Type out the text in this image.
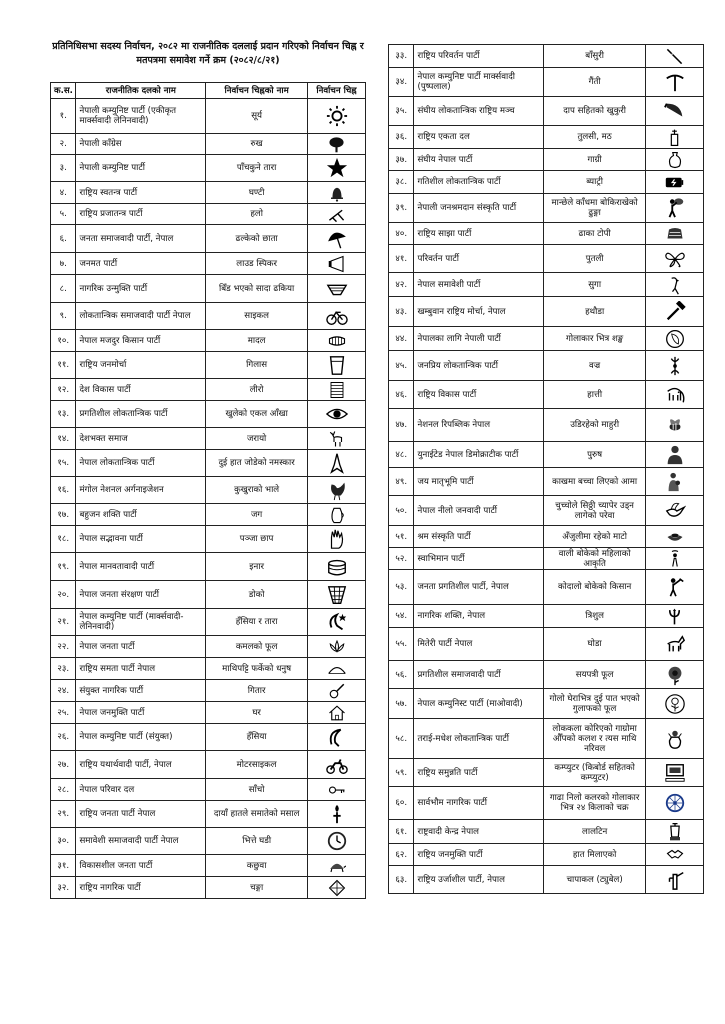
प्रतिनिधिसभा सदस्य निर्वाचन, २०८२ मा राजनीतिक दललाई प्रदान गरिएको निर्वाचन चिह्न र मतपत्रमा समावेश गर्ने क्रम (२०८२/८/२१)
क.स.	राजनीतिक दलको नाम	निर्वाचन चिह्नको नाम	निर्वाचन चिह्न
१.	नेपाली कम्युनिष्ट पार्टी (एकीकृत मार्क्सवादी लेनिनवादी)	सूर्य	

२.	नेपाली काँग्रेस	रुख	

३.	नेपाली कम्युनिष्ट पार्टी	पाँचकुने तारा	

४.	राष्ट्रिय स्वतन्त्र पार्टी	घण्टी	

५.	राष्ट्रिय प्रजातन्त्र पार्टी	हलो	

६.	जनता समाजवादी पार्टी, नेपाल	ढल्केको छाता	

७.	जनमत पार्टी	लाउड स्पिकर	

८.	नागरिक उन्मुक्ति पार्टी	बिँड भएको सादा ढकिया	

९.	लोकतान्त्रिक समाजवादी पार्टी नेपाल	साइकल	

१०.	नेपाल मजदुर किसान पार्टी	मादल	

११.	राष्ट्रिय जनमोर्चा	गिलास	

१२.	देश विकास पार्टी	लीरो	

१३.	प्रगतिशील लोकतान्त्रिक पार्टी	खुलेको एकल आँखा	

१४.	देशभक्त समाज	जरायो	

१५.	नेपाल लोकतान्त्रिक पार्टी	दुई हात जोडेको नमस्कार	

१६.	मंगोल नेशनल अर्गनाइजेशन	कुखुराको भाले	

१७.	बहुजन शक्ति पार्टी	जग	

१८.	नेपाल सद्भावना पार्टी	पञ्जा छाप	

१९.	नेपाल मानवतावादी पार्टी	इनार	

२०.	नेपाल जनता संरक्षण पार्टी	डोको	

२१.	नेपाल कम्युनिष्ट पार्टी (मार्क्सवादी-लेनिनवादी)	हँसिया र तारा	

२२.	नेपाल जनता पार्टी	कमलको फूल	

२३.	राष्ट्रिय समता पार्टी नेपाल	माथिपट्टि फर्केको धनुष	

२४.	संयुक्त नागरिक पार्टी	गितार	

२५.	नेपाल जनमुक्ति पार्टी	घर	

२६.	नेपाल कम्युनिष्ट पार्टी (संयुक्त)	हँसिया	

२७.	राष्ट्रिय यथार्थवादी पार्टी, नेपाल	मोटरसाइकल	

२८.	नेपाल परिवार दल	साँचो	

२९.	राष्ट्रिय जनता पार्टी नेपाल	दायाँ हातले समातेको मसाल	

३०.	समावेशी समाजवादी पार्टी नेपाल	भित्ते घडी	

३१.	विकासशील जनता पार्टी	कछुवा	

३२.	राष्ट्रिय नागरिक पार्टी	चङ्गा	
३३.	राष्ट्रिय परिवर्तन पार्टी	बाँसुरी	

३४.	नेपाल कम्युनिष्ट पार्टी मार्क्सवादी (पुष्पलाल)	गैंती	

३५.	संघीय लोकतान्त्रिक राष्ट्रिय मञ्च	दाप सहितको खुकुरी	

३६.	राष्ट्रिय एकता दल	तुलसी, मठ	

३७.	संघीय नेपाल पार्टी	गाग्री	

३८.	गतिशील लोकतान्त्रिक पार्टी	ब्याट्री	

३९.	नेपाली जनश्रमदान संस्कृति पार्टी	मान्छेले काँधमा बोकिराखेको ढुङ्गा	

४०.	राष्ट्रिय साझा पार्टी	ढाका टोपी	

४१.	परिवर्तन पार्टी	पुतली	

४२.	नेपाल समावेशी पार्टी	सुगा	

४३.	खम्बुवान राष्ट्रिय मोर्चा, नेपाल	हथौडा	

४४.	नेपालका लागि नेपाली पार्टी	गोलाकार भित्र शङ्ख	

४५.	जनप्रिय लोकतान्त्रिक पार्टी	वज्र	

४६.	राष्ट्रिय विकास पार्टी	हात्ती	

४७.	नेशनल रिपब्लिक नेपाल	उडिरहेको माहुरी	

४८.	युनाईटेड नेपाल डिमोक्राटीक पार्टी	पुरुष	

४९.	जय मातृभूमि पार्टी	काखमा बच्चा लिएको आमा	

५०.	नेपाल नीलो जनवादी पार्टी	चुच्चोले सिठ्ठी च्यापेर उड्न लागेको परेवा	

५१.	श्रम संस्कृति पार्टी	अँजुलीमा रहेको माटो	

५२.	स्वाभिमान पार्टी	वाली बोकेको महिलाको आकृति	

५३.	जनता प्रगतिशील पार्टी, नेपाल	कोदालो बोकेको किसान	

५४.	नागरिक शक्ति, नेपाल	त्रिशुल	

५५.	मितेरी पार्टी नेपाल	घोडा	

५६.	प्रगतिशील समाजवादी पार्टी	सयपत्री फूल	

५७.	नेपाल कम्युनिस्ट पार्टी (माओवादी)	गोलो घेराभित्र दुई पात भएको गुलाफको फूल	

५८.	तराई-मधेश लोकतान्त्रिक पार्टी	लोककला कोरिएको गाग्रोमा औँपको कलश र त्यस माथि नरिवल	

५९.	राष्ट्रिय समुन्नति पार्टी	कम्प्युटर (किबोर्ड सहितको कम्प्युटर)	

६०.	सार्वभौम नागरिक पार्टी	गाढा निलो कलरको गोलाकार भित्र २४ किलाको चक्र	

६१.	राष्ट्रवादी केन्द्र नेपाल	लालटिन	

६२.	राष्ट्रिय जनमुक्ति पार्टी	हात मिलाएको	

६३.	राष्ट्रिय उर्जाशील पार्टी, नेपाल	चापाकल (ट्युबेल)	
